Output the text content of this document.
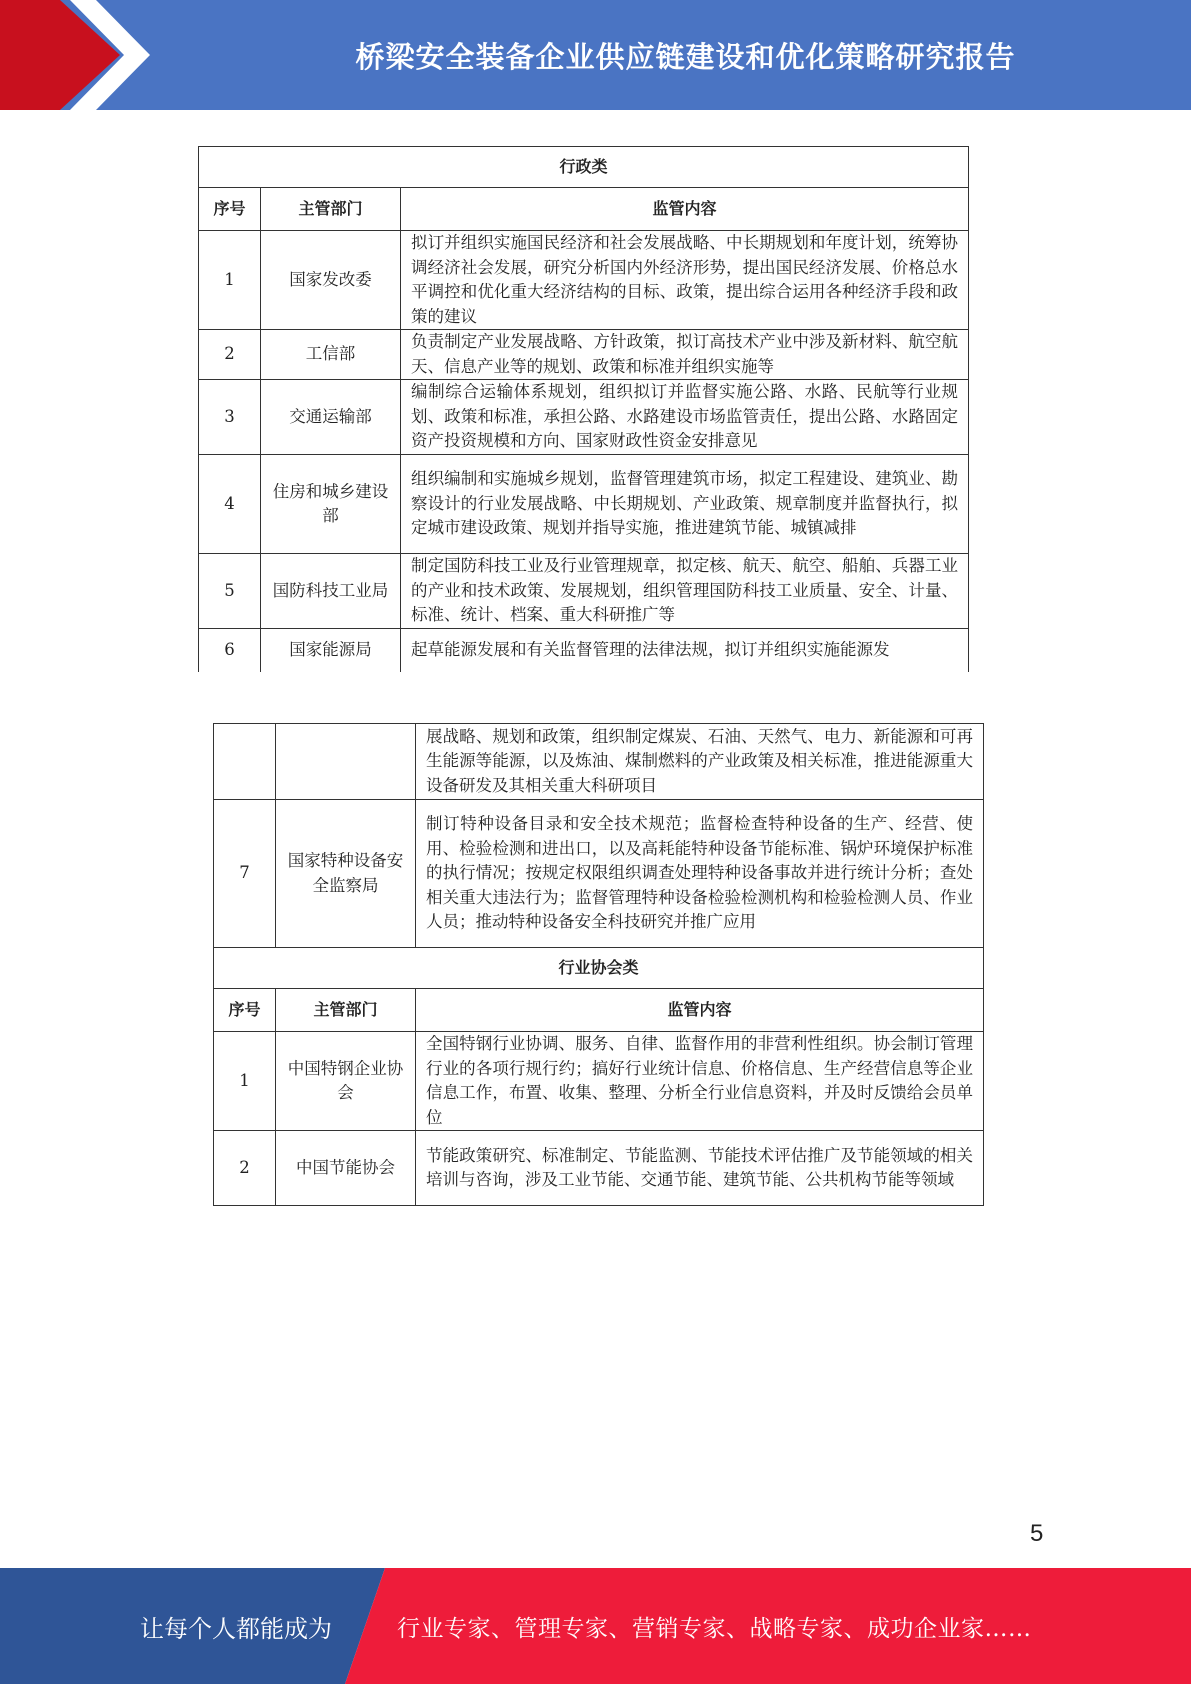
桥梁安全装备企业供应链建设和优化策略研究报告
行政类		
序号	主管部门	监管内容
1	国家发改委	拟订并组织实施国民经济和社会发展战略、中长期规划和年度计划，统筹协调经济社会发展，研究分析国内外经济形势，提出国民经济发展、价格总水平调控和优化重大经济结构的目标、政策，提出综合运用各种经济手段和政策的建议
2	工信部	负责制定产业发展战略、方针政策，拟订高技术产业中涉及新材料、航空航天、信息产业等的规划、政策和标准并组织实施等
3	交通运输部	编制综合运输体系规划，组织拟订并监督实施公路、水路、民航等行业规划、政策和标准，承担公路、水路建设市场监管责任，提出公路、水路固定资产投资规模和方向、国家财政性资金安排意见
4	住房和城乡建设部	组织编制和实施城乡规划，监督管理建筑市场，拟定工程建设、建筑业、勘察设计的行业发展战略、中长期规划、产业政策、规章制度并监督执行，拟定城市建设政策、规划并指导实施，推进建筑节能、城镇减排
5	国防科技工业局	制定国防科技工业及行业管理规章，拟定核、航天、航空、船舶、兵器工业的产业和技术政策、发展规划，组织管理国防科技工业质量、安全、计量、标准、统计、档案、重大科研推广等
6	国家能源局	起草能源发展和有关监督管理的法律法规，拟订并组织实施能源发
		展战略、规划和政策，组织制定煤炭、石油、天然气、电力、新能源和可再生能源等能源，以及炼油、煤制燃料的产业政策及相关标准，推进能源重大设备研发及其相关重大科研项目
7	国家特种设备安全监察局	制订特种设备目录和安全技术规范；监督检查特种设备的生产、经营、使用、检验检测和进出口，以及高耗能特种设备节能标准、锅炉环境保护标准的执行情况；按规定权限组织调查处理特种设备事故并进行统计分析；查处相关重大违法行为；监督管理特种设备检验检测机构和检验检测人员、作业人员；推动特种设备安全科技研究并推广应用
行业协会类		
序号	主管部门	监管内容
1	中国特钢企业协会	全国特钢行业协调、服务、自律、监督作用的非营利性组织。协会制订管理行业的各项行规行约；搞好行业统计信息、价格信息、生产经营信息等企业信息工作，布置、收集、整理、分析全行业信息资料，并及时反馈给会员单位
2	中国节能协会	节能政策研究、标准制定、节能监测、节能技术评估推广及节能领域的相关培训与咨询，涉及工业节能、交通节能、建筑节能、公共机构节能等领域
5
让每个人都能成为	行业专家、管理专家、营销专家、战略专家、成功企业家……
